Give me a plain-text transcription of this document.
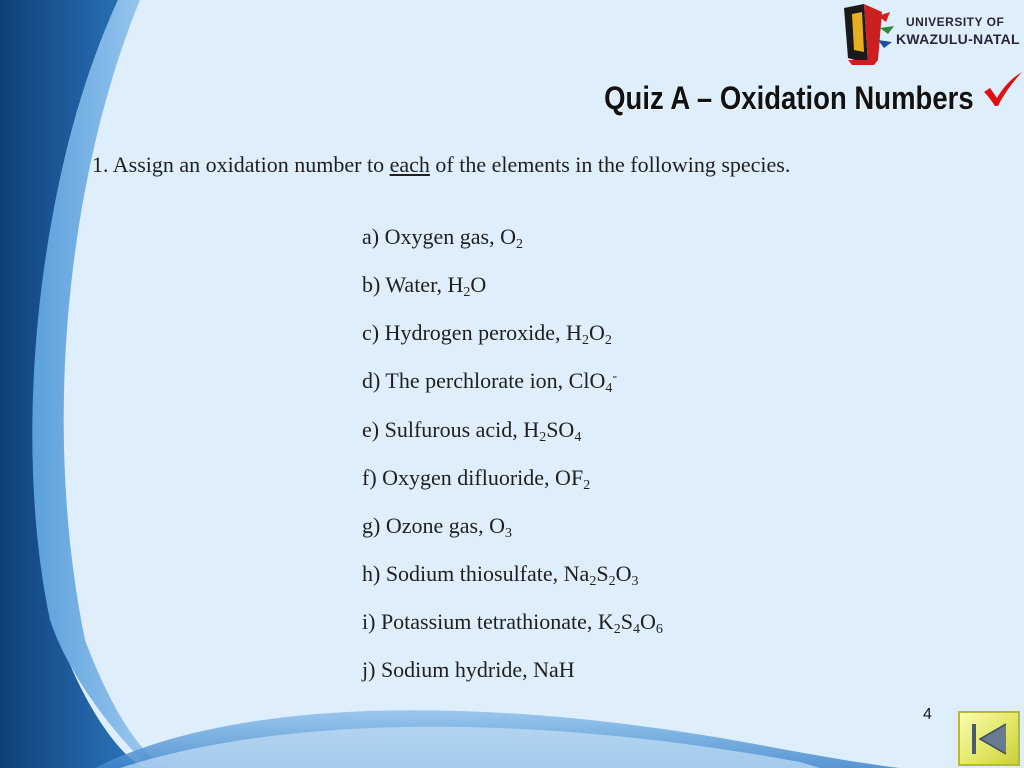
UNIVERSITY OF
KWAZULU-NATAL
Quiz A – Oxidation Numbers
1. Assign an oxidation number to each of the elements in the following species.
a) Oxygen gas, $O_2$
b) Water, $H_2O$
c) Hydrogen peroxide, $H_2O_2$
d) The perchlorate ion, ClO$_4$-
e) Sulfurous acid, $H_2SO_4$
f) Oxygen difluoride, $OF_2$
g) Ozone gas, $O_3$
h) Sodium thiosulfate, $Na_2S_2O_3$
i) Potassium tetrathionate, $K_2S_4O_6$
j) Sodium hydride, NaH
4
